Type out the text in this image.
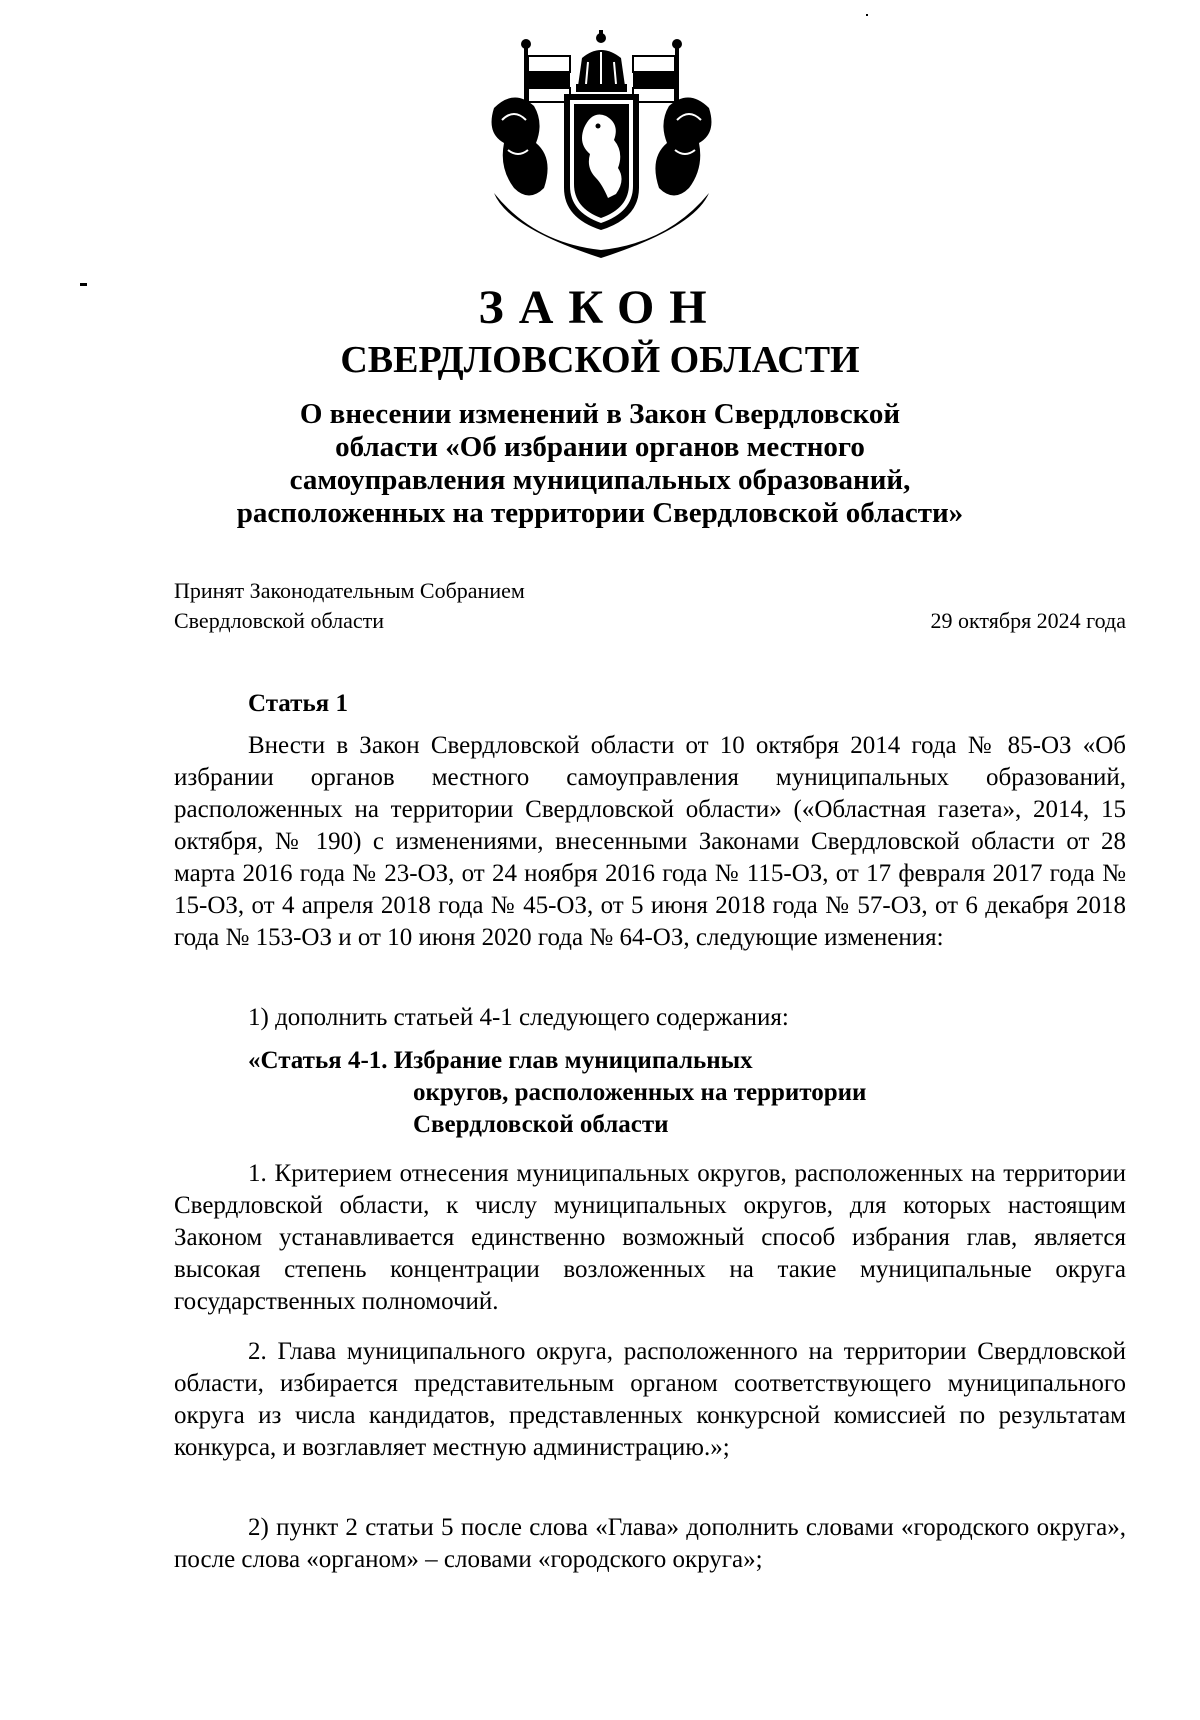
ЗАКОН
СВЕРДЛОВСКОЙ ОБЛАСТИ
О внесении изменений в Закон Свердловской
области «Об избрании органов местного
самоуправления муниципальных образований,
расположенных на территории Свердловской области»
Принят Законодательным Собранием
Свердловской области	29 октября 2024 года
Статья 1
Внести в Закон Свердловской области от 10 октября 2014 года № 85-ОЗ «Об избрании органов местного самоуправления муниципальных образований, расположенных на территории Свердловской области» («Областная газета», 2014, 15 октября, № 190) с изменениями, внесенными Законами Свердловской области от 28 марта 2016 года № 23-ОЗ, от 24 ноября 2016 года № 115-ОЗ, от 17 февраля 2017 года № 15-ОЗ, от 4 апреля 2018 года № 45-ОЗ, от 5 июня 2018 года № 57-ОЗ, от 6 декабря 2018 года № 153-ОЗ и от 10 июня 2020 года № 64-ОЗ, следующие изменения:
1) дополнить статьей 4-1 следующего содержания:
«Статья 4-1. Избрание глав муниципальных
округов, расположенных на территории
Свердловской области
1. Критерием отнесения муниципальных округов, расположенных на территории Свердловской области, к числу муниципальных округов, для которых настоящим Законом устанавливается единственно возможный способ избрания глав, является высокая степень концентрации возложенных на такие муниципальные округа государственных полномочий.
2. Глава муниципального округа, расположенного на территории Свердловской области, избирается представительным органом соответствующего муниципального округа из числа кандидатов, представленных конкурсной комиссией по результатам конкурса, и возглавляет местную администрацию.»;
2) пункт 2 статьи 5 после слова «Глава» дополнить словами «городского округа», после слова «органом» – словами «городского округа»;
